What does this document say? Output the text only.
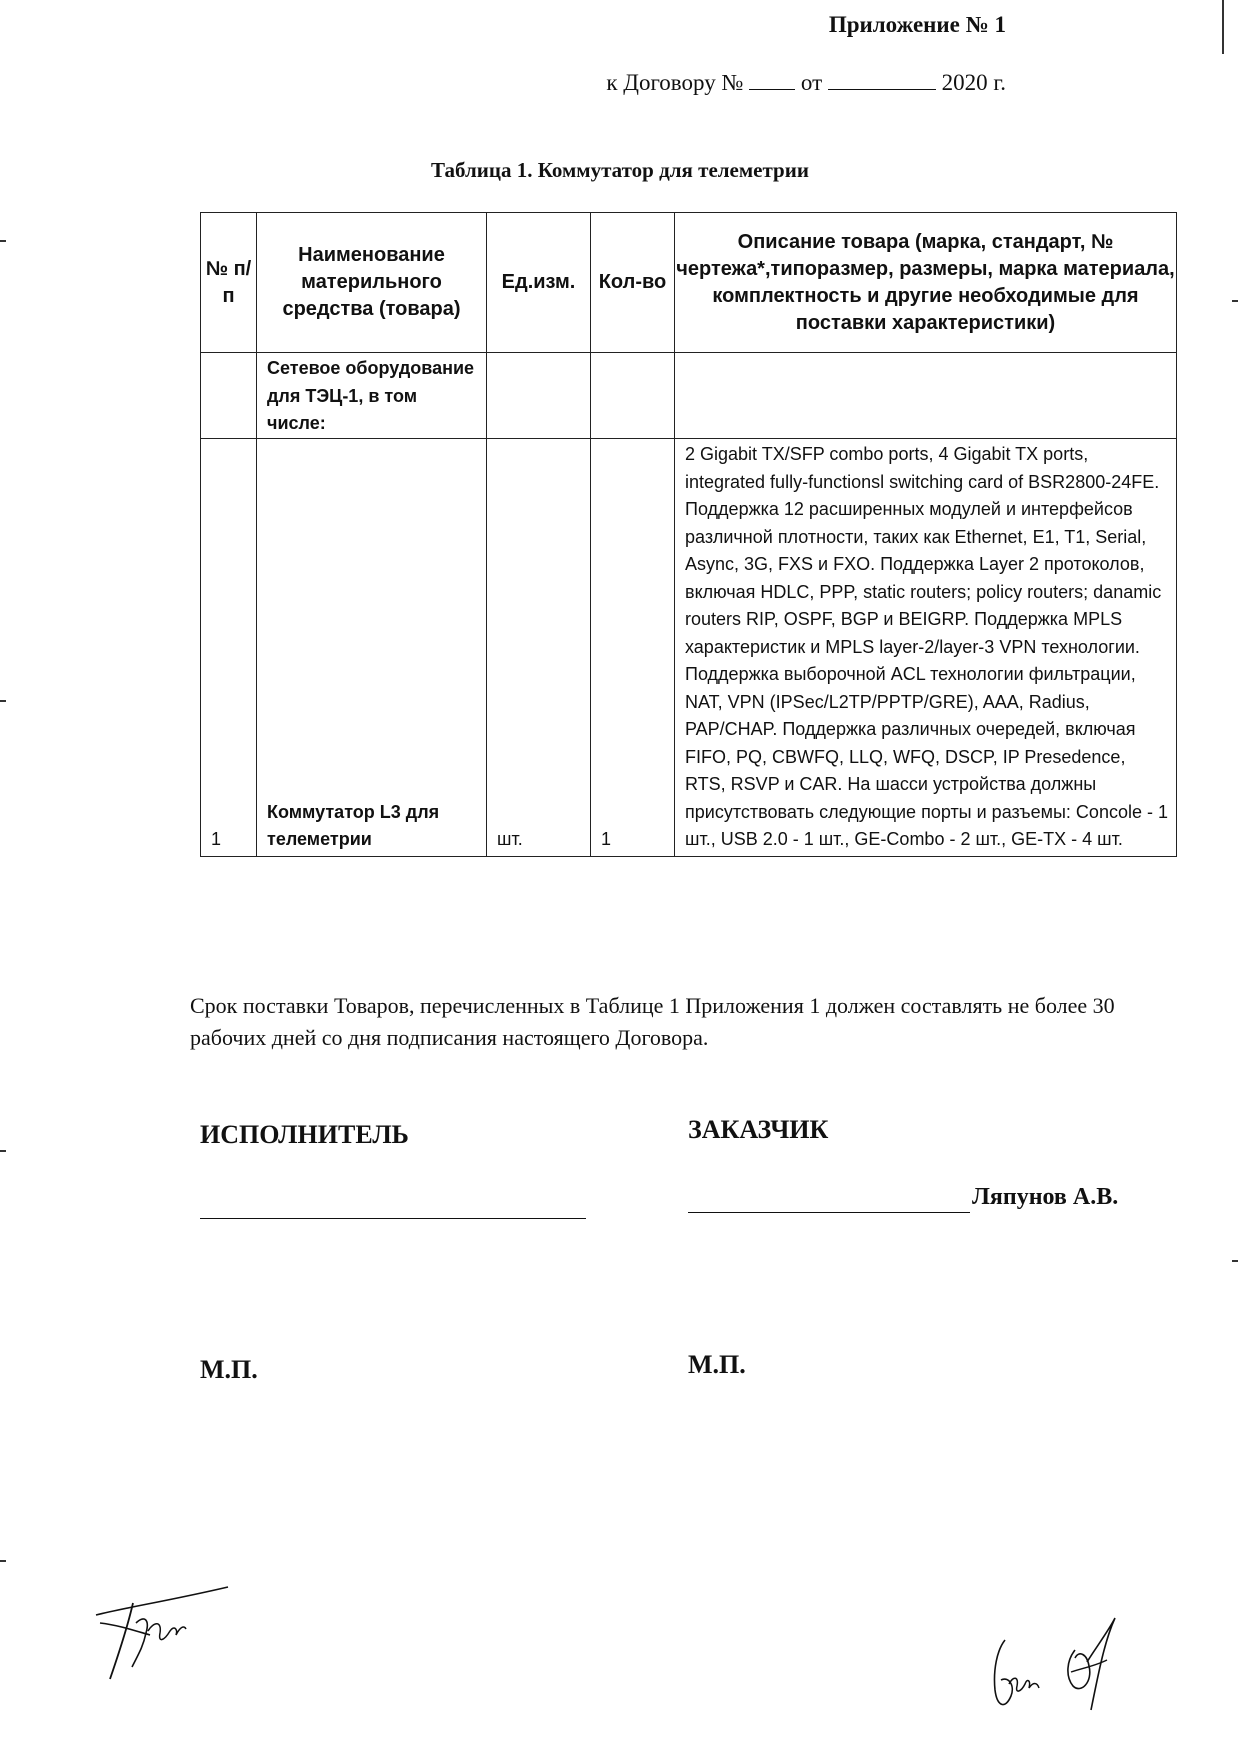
Приложение № 1
к Договору №	от	2020 г.
Таблица 1. Коммутатор для телеметрии
№ п/п	Наименование материльного средства (товара)	Ед.изм.	Кол-во	Описание товара (марка, стандарт, № чертежа*,типоразмер, размеры, марка материала, комплектность и другие необходимые для поставки характеристики)
	Сетевое оборудование для ТЭЦ-1, в том числе:			
1	Коммутатор L3 для телеметрии	шт.	1	2 Gigabit TX/SFP combo ports, 4 Gigabit TX ports, integrated fully-functionsl switching card of BSR2800-24FE. Поддержка 12 расширенных модулей и интерфейсов различной плотности, таких как Ethernet, E1, T1, Serial, Async, 3G, FXS и FXO. Поддержка Layer 2 протоколов, включая HDLC, PPP, static routers; policy routers; danamic routers RIP, OSPF, BGP и BEIGRP. Поддержка MPLS характеристик и MPLS layer-2/layer-3 VPN технологии. Поддержка выборочной ACL технологии фильтрации, NAT, VPN (IPSec/L2TP/PPTP/GRE), AAA, Radius, PAP/CHAP. Поддержка различных очередей, включая FIFO, PQ, CBWFQ, LLQ, WFQ, DSCP, IP Presedence, RTS, RSVP и CAR. На шасси устройства должны присутствовать следующие порты и разъемы: Concole - 1 шт., USB 2.0 - 1 шт., GE-Combo - 2 шт., GE-TX - 4 шт.
Срок поставки Товаров, перечисленных в Таблице 1 Приложения 1 должен составлять не более 30 рабочих дней со дня подписания настоящего Договора.
ИСПОЛНИТЕЛЬ	ЗАКАЗЧИК
Ляпунов А.В.
М.П.	М.П.
